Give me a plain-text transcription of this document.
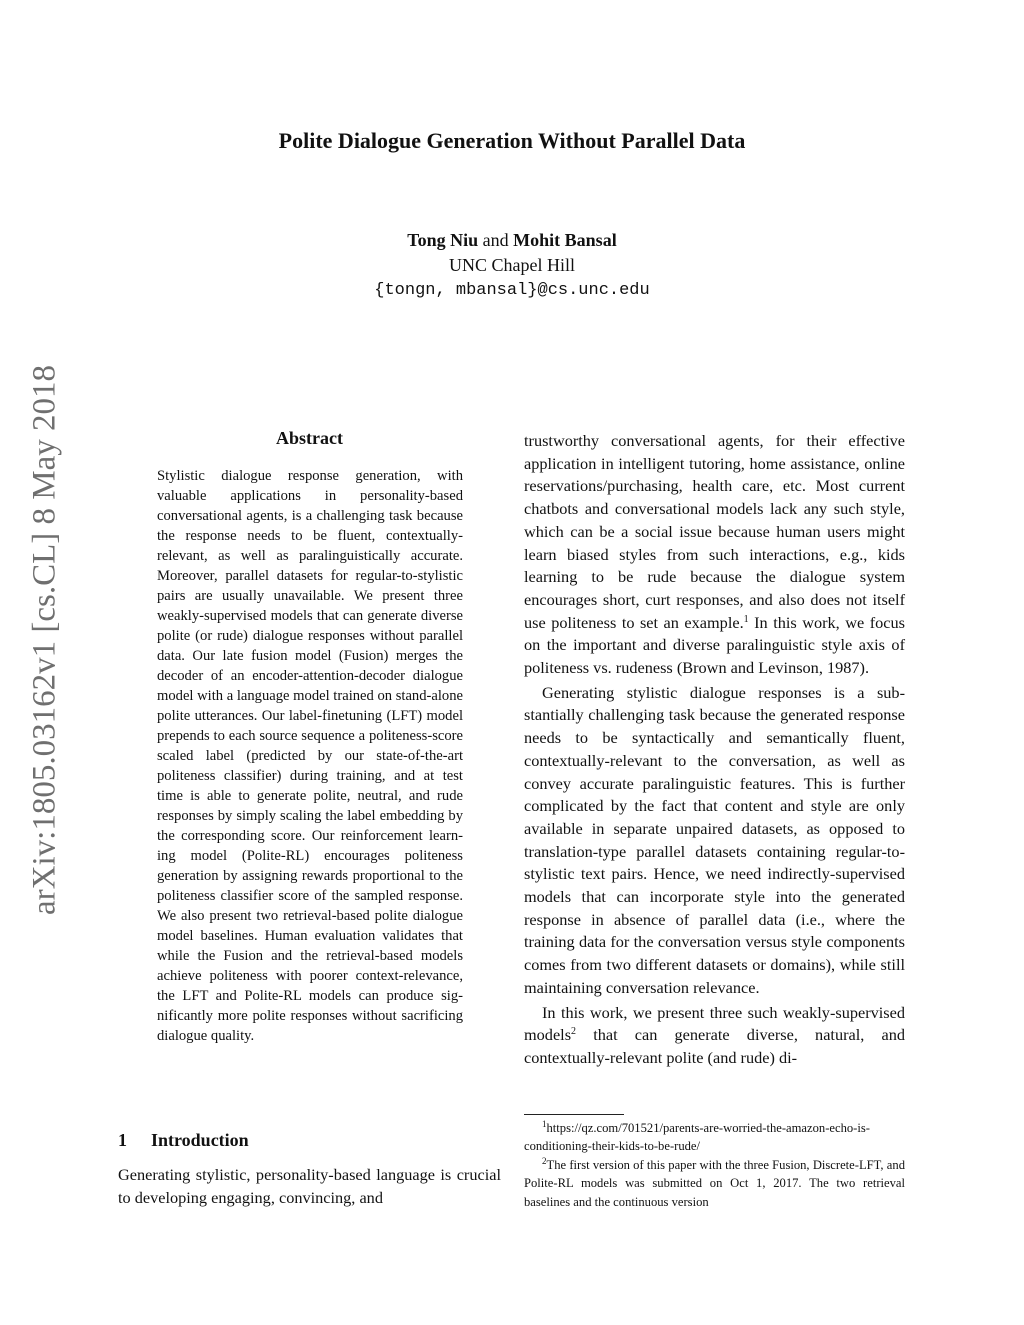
arXiv:1805.03162v1 [cs.CL] 8 May 2018
Polite Dialogue Generation Without Parallel Data
Tong Niu and Mohit Bansal
UNC Chapel Hill
{tongn, mbansal}@cs.unc.edu
Abstract
Stylistic dialogue response generation, with valuable applications in personality-based conversational agents, is a challenging task because the response needs to be fluent, contextually-relevant, as well as paralinguistically accurate. Moreover, parallel datasets for regular-to-stylistic pairs are usually unavailable. We present three weakly-supervised models that can generate diverse polite (or rude) dialogue responses without parallel data. Our late fusion model (Fusion) merges the decoder of an encoder-attention-decoder dialogue model with a language model trained on stand-alone polite utterances. Our label-finetuning (LFT) model prepends to each source sequence a politeness-score scaled label (predicted by our state-of-the-art politeness classifier) during training, and at test time is able to generate polite, neutral, and rude responses by simply scaling the label embedding by the corresponding score. Our reinforcement learning model (Polite-RL) encourages politeness generation by assigning rewards proportional to the politeness classifier score of the sampled response. We also present two retrieval-based polite dialogue model baselines. Human evaluation validates that while the Fusion and the retrieval-based models achieve politeness with poorer context-relevance, the LFT and Polite-RL models can produce significantly more polite responses without sacrificing dialogue quality.
1 Introduction
Generating stylistic, personality-based language is crucial to developing engaging, convincing, and

trustworthy conversational agents, for their effective application in intelligent tutoring, home assistance, online reservations/purchasing, health care, etc. Most current chatbots and conversational models lack any such style, which can be a social issue because human users might learn biased styles from such interactions, e.g., kids learning to be rude because the dialogue system encourages short, curt responses, and also does not itself use politeness to set an example.$^1$ In this work, we focus on the important and diverse paralinguistic style axis of politeness vs. rudeness (Brown and Levinson, 1987).

Generating stylistic dialogue responses is a substantially challenging task because the generated response needs to be syntactically and semantically fluent, contextually-relevant to the conversation, as well as convey accurate paralinguistic features. This is further complicated by the fact that content and style are only available in separate unpaired datasets, as opposed to translation-type parallel datasets containing regular-to-stylistic text pairs. Hence, we need indirectly-supervised models that can incorporate style into the generated response in absence of parallel data (i.e., where the training data for the conversation versus style components comes from two different datasets or domains), while still maintaining conversation relevance.

In this work, we present three such weakly-supervised models$^2$ that can generate diverse, natural, and contextually-relevant polite (and rude) di-

$^1$https://qz.com/701521/parents-are-worried-the-amazon-echo-is-conditioning-their-kids-to-be-rude/

$^2$The first version of this paper with the three Fusion, Discrete-LFT, and Polite-RL models was submitted on Oct 1, 2017. The two retrieval baselines and the continuous version
